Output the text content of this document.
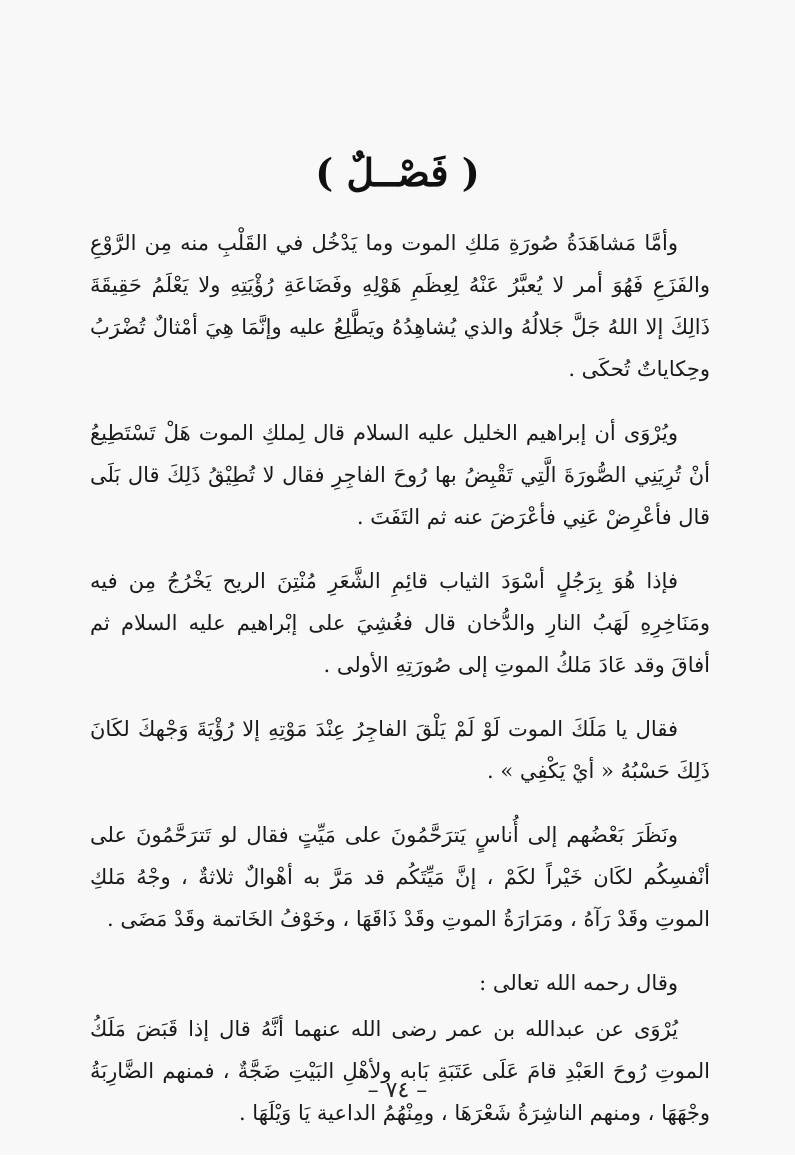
( فَصْــلٌ )

وأمَّا مَشاهَدَةُ صُورَةِ مَلكِ الموت وما يَدْخُل في القَلْبِ منه مِن الرَّوْعِ والفَزَعِ فَهُوَ أمر لا يُعبَّرُ عَنْهُ لِعِظَمِ هَوْلِهِ وفَضَاعَةِ رُؤْيَتِهِ ولا يَعْلَمُ حَقِيقَةَ ذَالِكَ إلا اللهُ جَلَّ جَلالُهُ والذي يُشاهِدُهُ ويَطَّلِعُ عليه وإنَّمَا هِيَ أمْثالٌ تُضْرَبُ وحِكاياتٌ تُحكَى .

ويُرْوَى أن إبراهيم الخليل عليه السلام قال لِملكِ الموت هَلْ تَسْتَطِيعُ أنْ تُرِيَنِي الصُّورَةَ الَّتِي تَقْبِضُ بها رُوحَ الفاجِرِ فقال لا تُطِيْقُ ذَلِكَ قال بَلَى قال فأعْرِضْ عَنِي فأعْرَضَ عنه ثم التَفَتَ .

فإذا هُوَ بِرَجُلٍ أسْوَدَ الثياب قائِمِ الشَّعَرِ مُنْتِنَ الريح يَخْرُجُ مِن فيه ومَنَاخِرِهِ لَهَبُ النارِ والدُّخان قال فغُشِيَ على إبْراهيم عليه السلام ثم أفاقَ وقد عَادَ مَلكُ الموتِ إلى صُورَتِهِ الأولى .

فقال يا مَلَكَ الموت لَوْ لَمْ يَلْقَ الفاجِرُ عِنْدَ مَوْتِهِ إلا رُؤْيَةَ وَجْهكَ لكَانَ ذَلِكَ حَسْبُهُ « أيْ يَكْفِي » .

ونَظَرَ بَعْضُهم إلى أُناسٍ يَترَحَّمُونَ على مَيِّتٍ فقال لو تَترَحَّمُونَ على أنْفسِكُم لكَان خَيْراً لكَمْ ، إنَّ مَيِّتَكُم قد مَرَّ به أهْوالٌ ثلاثةٌ ، وجْهُ مَلكِ الموتِ وقَدْ رَآهُ ، ومَرَارَةُ الموتِ وقَدْ ذَاقَهَا ، وخَوْفُ الخَاتمة وقَدْ مَضَى .

وقال رحمه الله تعالى :

يُرْوَى عن عبدالله بن عمر رضى الله عنهما أنَّهُ قال إذا قَبَضَ مَلَكُ الموتِ رُوحَ العَبْدِ قامَ عَلَى عَتَبَةِ بَابه ولأهْلِ البَيْتِ ضَجَّةٌ ، فمنهم الضَّارِبَةُ وجْهَهَا ، ومنهم الناشِرَةُ شَعْرَهَا ، ومِنْهُمُ الداعية يَا وَيْلَهَا .

– ٧٤ –
